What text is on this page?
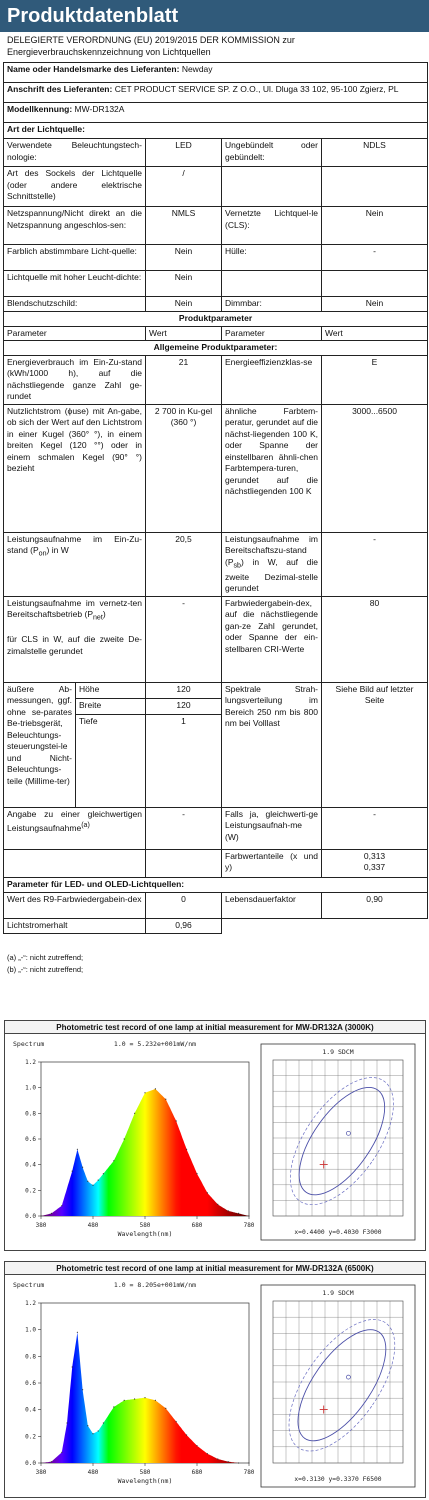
Produktdatenblatt
DELEGIERTE VERORDNUNG (EU) 2019/2015 DER KOMMISSION zur
Energieverbrauchskennzeichnung von Lichtquellen
Name oder Handelsmarke des Lieferanten: Newday				
Anschrift des Lieferanten: CET PRODUCT SERVICE SP. Z O.O., Ul. Dluga 33 102, 95-100 Zgierz, PL				
Modellkennung: MW-DR132A				
Art der Lichtquelle:				
Verwendete Beleuchtungstech-nologie:		LED	Ungebündelt oder gebündelt:	NDLS
Art des Sockels der Lichtquelle (oder andere elektrische Schnittstelle)		/		
Netzspannung/Nicht direkt an die Netzspannung angeschlos-sen:		NMLS	Vernetzte Lichtquel-le (CLS):	Nein
Farblich abstimmbare Licht-quelle:		Nein	Hülle:	-
Lichtquelle mit hoher Leucht-dichte:		Nein		
Blendschutzschild:		Nein	Dimmbar:	Nein
Produktparameter				
Parameter		Wert	Parameter	Wert
Allgemeine Produktparameter:				
Energieverbrauch im Ein-Zu-stand (kWh/1000 h), auf die nächstliegende ganze Zahl ge-rundet		21	Energieeffizienzklas-se	E
Nutzlichtstrom (ϕuse) mit An-gabe, ob sich der Wert auf den Lichtstrom in einer Kugel (360° °), in einem breiten Kegel (120 °°) oder in einem schmalen Kegel (90° °) bezieht		2 700 in Ku-gel (360 °)	ähnliche Farbtem-peratur, gerundet auf die nächst-liegenden 100 K, oder Spanne der einstellbaren ähnli-chen Farbtempera-turen, gerundet auf die nächstliegenden 100 K	3000...6500
Leistungsaufnahme im Ein-Zu-stand $(P_{on})$ in W		20,5	Leistungsaufnahme im Bereitschaftszu-stand $(P_{sb})$ in W, auf die zweite Dezimal-stelle gerundet	-
Leistungsaufnahme im vernetz-ten Bereitschaftsbetrieb $(P_{net})$
für CLS in W, auf die zweite De-zimalstelle gerundet		-	Farbwiedergabein-dex, auf die nächstliegende gan-ze Zahl gerundet, oder Spanne der ein-stellbaren CRI-Werte	80
äußere Ab-messungen, ggf. ohne se-parates Be-triebsgerät, Beleuchtungs-steuerungstei-le und Nicht-Beleuchtungs-teile (Millime-ter)	Höhe	120	Spektrale Strah-lungsverteilung im Bereich 250 nm bis 800 nm bei Volllast	Siehe Bild auf letzter Seite
	Breite	120		
	Tiefe	1		
Angabe zu einer gleichwertigen Leistungsaufnahme$^{(a)}$		-	Falls ja, gleichwerti-ge Leistungsaufnah-me (W)	-
			Farbwertanteile (x und y)	0,313
0,337

Parameter für LED- und OLED-Lichtquellen:				
Wert des R9-Farbwiedergabein-dex		0	Lebensdauerfaktor	0,90
Lichtstromerhalt		0,96		
(a) „-“: nicht zutreffend;
(b) „-“: nicht zutreffend;
Photometric test record of one lamp at initial measurement for MW-DR132A (3000K)
Spectrum	1.0 = 5.232e+001mW/nm
1.2
1.0
0.8
0.6
0.4
0.2
0.0
380	480	580	680	780
Wavelength(nm)
1.9 SDCM
x=0.4400 y=0.4030 F3000
Photometric test record of one lamp at initial measurement for MW-DR132A (6500K)
Spectrum	1.0 = 8.205e+001mW/nm
1.2
1.0
0.8
0.6
0.4
0.2
0.0
380	480	580	680	780
Wavelength(nm)
1.9 SDCM
x=0.3130 y=0.3370 F6500
